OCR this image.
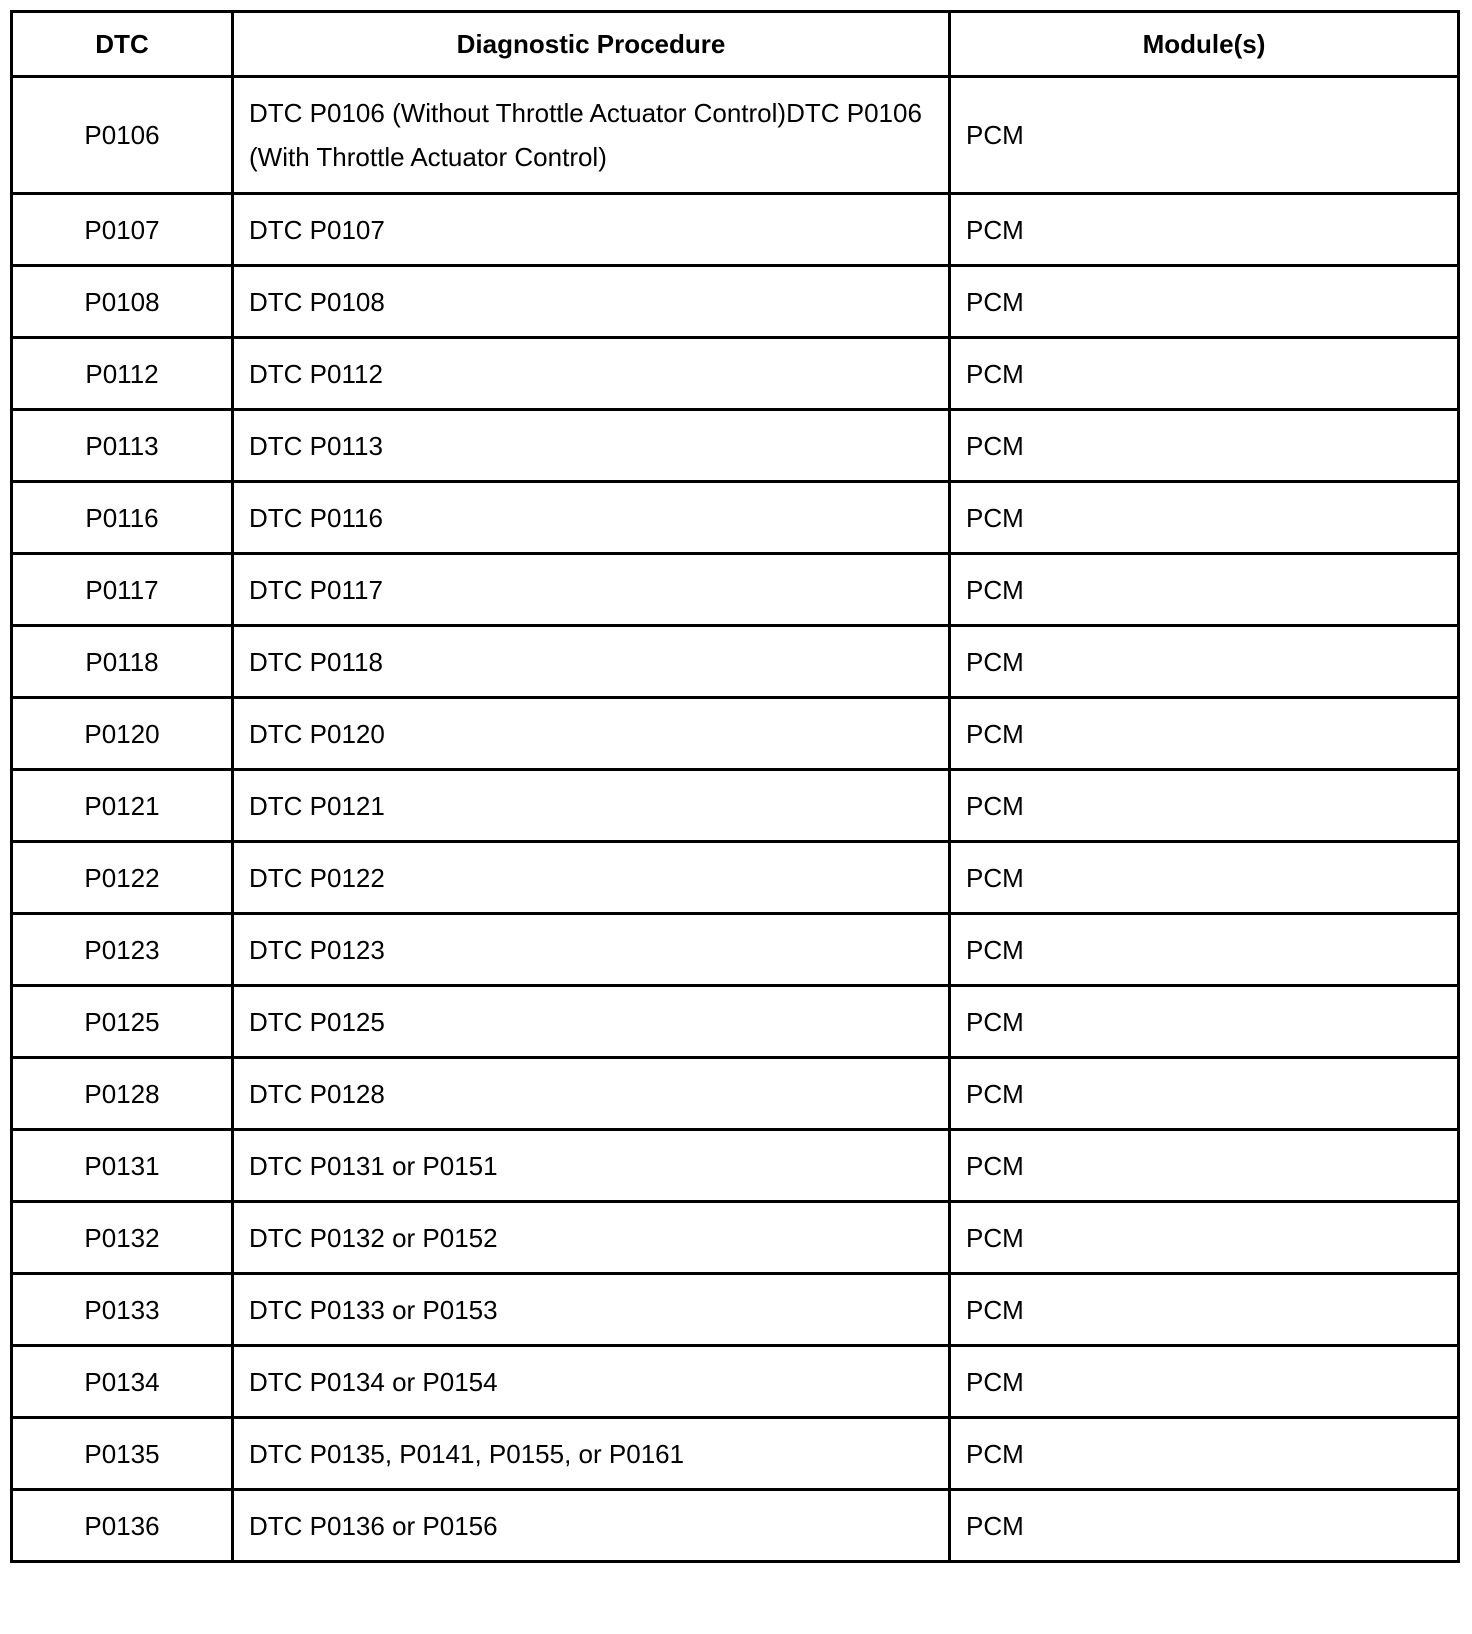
DTC	Diagnostic Procedure	Module(s)
P0106	DTC P0106 (Without Throttle Actuator Control)DTC P0106 (With Throttle Actuator Control)	PCM
P0107	DTC P0107	PCM
P0108	DTC P0108	PCM
P0112	DTC P0112	PCM
P0113	DTC P0113	PCM
P0116	DTC P0116	PCM
P0117	DTC P0117	PCM
P0118	DTC P0118	PCM
P0120	DTC P0120	PCM
P0121	DTC P0121	PCM
P0122	DTC P0122	PCM
P0123	DTC P0123	PCM
P0125	DTC P0125	PCM
P0128	DTC P0128	PCM
P0131	DTC P0131 or P0151	PCM
P0132	DTC P0132 or P0152	PCM
P0133	DTC P0133 or P0153	PCM
P0134	DTC P0134 or P0154	PCM
P0135	DTC P0135, P0141, P0155, or P0161	PCM
P0136	DTC P0136 or P0156	PCM
